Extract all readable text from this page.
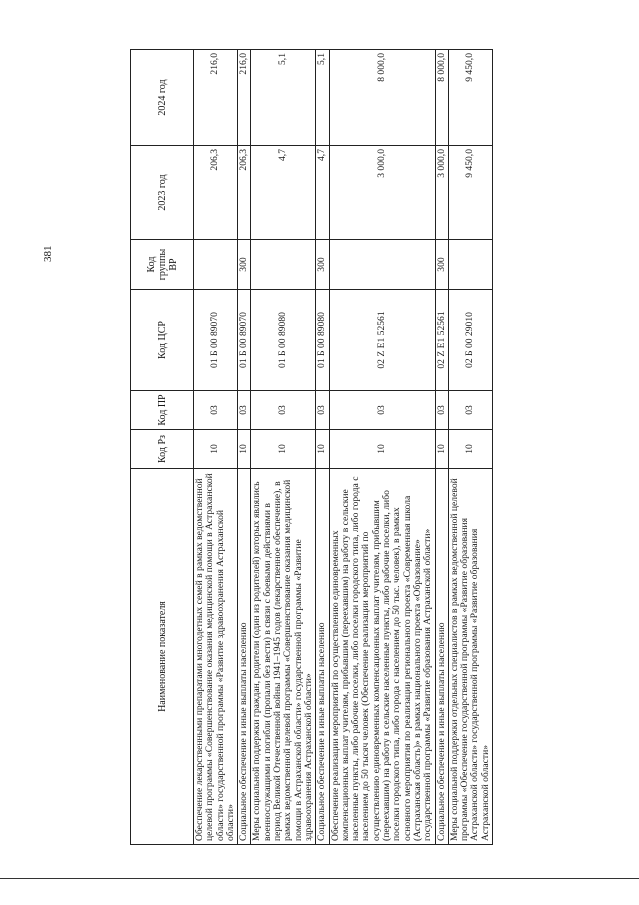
381
Наименование показателя	Код Рз	Код ПР	Код ЦСР	Код группы ВР	2023 год	2024 год
Обеспечение лекарственными препаратами многодетных семей в рамках ведомственной целевой программы «Совершенствование оказания медицинской помощи в Астраханской области» государственной программы «Развитие здравоохранения Астраханской области»	10	03	01 Б 00 89070		206,3	216,0
Социальное обеспечение и иные выплаты населению	10	03	01 Б 00 89070	300	206,3	216,0
Меры социальной поддержки граждан, родители (один из родителей) которых являлись военнослужащими и погибли (пропали без вести) в связи с боевыми действиями в период Великой Отечественной войны 1941–1945 годов (лекарственное обеспечение), в рамках ведомственной целевой программы «Совершенствование оказания медицинской помощи в Астраханской области» государственной программы «Развитие здравоохранения Астраханской области»	10	03	01 Б 00 89080		4,7	5,1
Социальное обеспечение и иные выплаты населению	10	03	01 Б 00 89080	300	4,7	5,1
Обеспечение реализации мероприятий по осуществлению единовременных компенсационных выплат учителям, прибывшим (переехавшим) на работу в сельские населенные пункты, либо рабочие поселки, либо поселки городского типа, либо города с населением до 50 тысяч человек (Обеспечение реализации мероприятий по осуществлению единовременных компенсационных выплат учителям, прибывшим (переехавшим) на работу в сельские населенные пункты, либо рабочие поселки, либо поселки городского типа, либо города с населением до 50 тыс. человек), в рамках основного мероприятия по реализации регионального проекта «Современная школа (Астраханская область)» в рамках национального проекта «Образование» государственной программы «Развитие образования Астраханской области»	10	03	02 Z E1 52561		3 000,0	8 000,0
Социальное обеспечение и иные выплаты населению	10	03	02 Z E1 52561	300	3 000,0	8 000,0
Меры социальной поддержки отдельных специалистов в рамках ведомственной целевой программы «Обеспечение государственной программы «Развитие образования Астраханской области» государственной программы «Развитие образования Астраханской области»	10	03	02 Б 00 29010		9 450,0	9 450,0
